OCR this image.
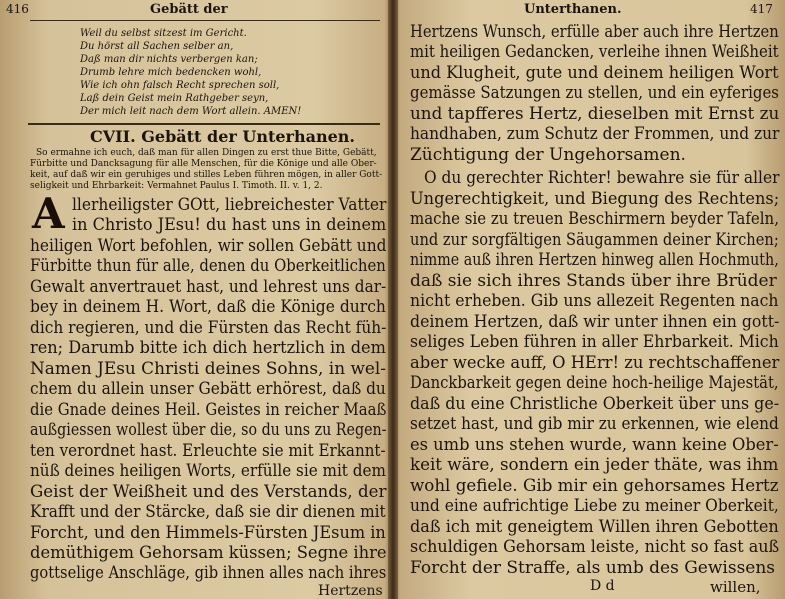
416	Gebätt der
Weil du selbst sitzest im Gericht.
Du hörst all Sachen selber an,
Daß man dir nichts verbergen kan;
Drumb lehre mich bedencken wohl,
Wie ich ohn falsch Recht sprechen soll,
Laß dein Geist mein Rathgeber seyn,
Der mich leit nach dem Wort allein. AMEN!
CVII. Gebätt der Unterhanen.
So ermahne ich euch, daß man für allen Dingen zu erst thue Bitte, Gebätt,
Fürbitte und Dancksagung für alle Menschen, für die Könige und alle Ober-
keit, auf daß wir ein geruhiges und stilles Leben führen mögen, in aller Gott-
seligkeit und Ehrbarkeit: Vermahnet Paulus I. Timoth. II. v. 1, 2.
A llerheiligster GOtt, liebreichester Vatter
in Christo JEsu! du hast uns in deinem
heiligen Wort befohlen, wir sollen Gebätt und
Fürbitte thun für alle, denen du Oberkeitlichen
Gewalt anvertrauet hast, und lehrest uns dar-
bey in deinem H. Wort, daß die Könige durch
dich regieren, und die Fürsten das Recht füh-
ren; Darumb bitte ich dich hertzlich in dem
Namen JEsu Christi deines Sohns, in wel-
chem du allein unser Gebätt erhörest, daß du
die Gnade deines Heil. Geistes in reicher Maaß
außgiessen wollest über die, so du uns zu Regen-
ten verordnet hast. Erleuchte sie mit Erkannt-
nüß deines heiligen Worts, erfülle sie mit dem
Geist der Weißheit und des Verstands, der
Krafft und der Stärcke, daß sie dir dienen mit
Forcht, und den Himmels-Fürsten JEsum in
demüthigem Gehorsam küssen; Segne ihre
gottselige Anschläge, gib ihnen alles nach ihres
Hertzens
Unterthanen.	417
Hertzens Wunsch, erfülle aber auch ihre Hertzen
mit heiligen Gedancken, verleihe ihnen Weißheit
und Klugheit, gute und deinem heiligen Wort
gemässe Satzungen zu stellen, und ein eyferiges
und tapfferes Hertz, dieselben mit Ernst zu
handhaben, zum Schutz der Frommen, und zur
Züchtigung der Ungehorsamen.
O du gerechter Richter! bewahre sie für aller
Ungerechtigkeit, und Biegung des Rechtens;
mache sie zu treuen Beschirmern beyder Tafeln,
und zur sorgfältigen Säugammen deiner Kirchen;
nimme auß ihren Hertzen hinweg allen Hochmuth,
daß sie sich ihres Stands über ihre Brüder
nicht erheben. Gib uns allezeit Regenten nach
deinem Hertzen, daß wir unter ihnen ein gott-
seliges Leben führen in aller Ehrbarkeit. Mich
aber wecke auff, O HErr! zu rechtschaffener
Danckbarkeit gegen deine hoch-heilige Majestät,
daß du eine Christliche Oberkeit über uns ge-
setzet hast, und gib mir zu erkennen, wie elend
es umb uns stehen wurde, wann keine Ober-
keit wäre, sondern ein jeder thäte, was ihm
wohl gefiele. Gib mir ein gehorsames Hertz
und eine aufrichtige Liebe zu meiner Oberkeit,
daß ich mit geneigtem Willen ihren Gebotten
schuldigen Gehorsam leiste, nicht so fast auß
Forcht der Straffe, als umb des Gewissens
D d	willen,
